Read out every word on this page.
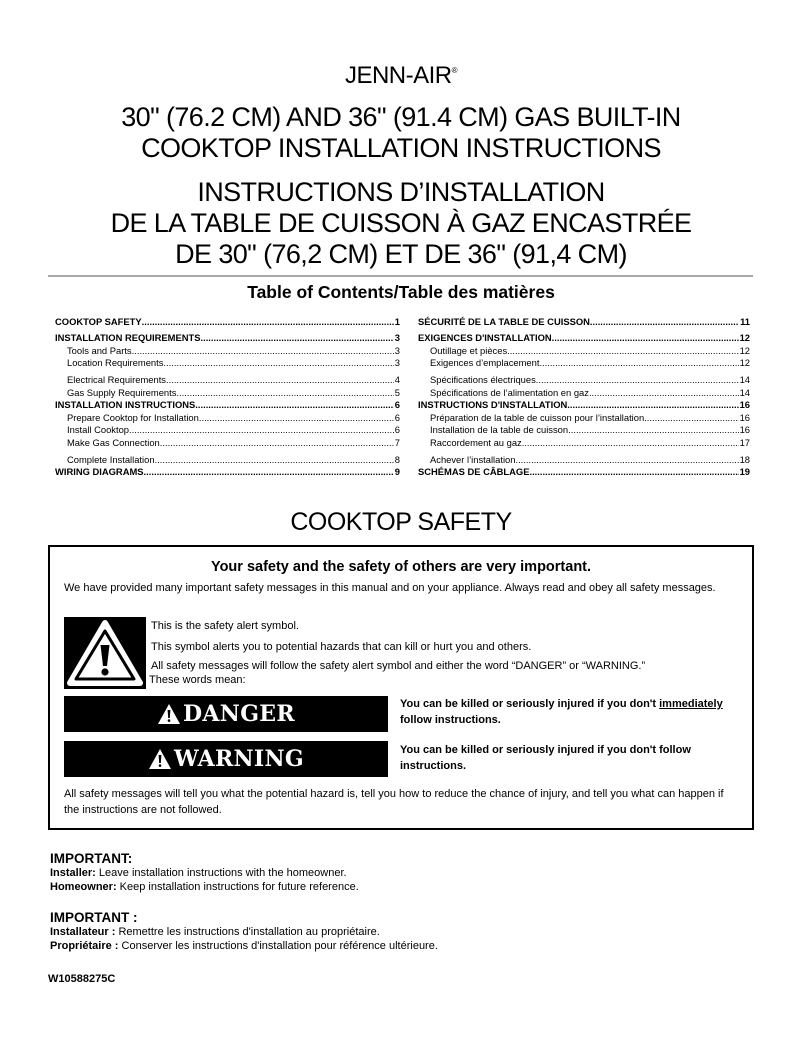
JENN-AIR®
30" (76.2 CM) AND 36" (91.4 CM) GAS BUILT-IN
COOKTOP INSTALLATION INSTRUCTIONS
INSTRUCTIONS D’INSTALLATION
DE LA TABLE DE CUISSON À GAZ ENCASTRÉE
DE 30" (76,2 CM) ET DE 36" (91,4 CM)
Table of Contents/Table des matières
COOKTOP SAFETY .....	1
INSTALLATION REQUIREMENTS .....	3
Tools and Parts .....	3
Location Requirements .....	3
Electrical Requirements .....	4
Gas Supply Requirements .....	5
INSTALLATION INSTRUCTIONS .....	6
Prepare Cooktop for Installation .....	6
Install Cooktop .....	6
Make Gas Connection .....	7
Complete Installation .....	8
WIRING DIAGRAMS .....	9
SÉCURITÉ DE LA TABLE DE CUISSON .....	11
EXIGENCES D'INSTALLATION .....	12
Outillage et pièces .....	12
Exigences d’emplacement .....	12
Spécifications électriques .....	14
Spécifications de l’alimentation en gaz .....	14
INSTRUCTIONS D'INSTALLATION .....	16
Préparation de la table de cuisson pour l’installation .....	16
Installation de la table de cuisson .....	16
Raccordement au gaz .....	17
Achever l’installation .....	18
SCHÉMAS DE CÂBLAGE .....	19
COOKTOP SAFETY
Your safety and the safety of others are very important.
We have provided many important safety messages in this manual and on your appliance. Always read and obey all safety messages.
This is the safety alert symbol.
This symbol alerts you to potential hazards that can kill or hurt you and others.
All safety messages will follow the safety alert symbol and either the word “DANGER” or “WARNING.”
These words mean:
DANGER	You can be killed or seriously injured if you don't immediately follow instructions.
WARNING	You can be killed or seriously injured if you don't follow instructions.
All safety messages will tell you what the potential hazard is, tell you how to reduce the chance of injury, and tell you what can happen if the instructions are not followed.
IMPORTANT:
Installer: Leave installation instructions with the homeowner.
Homeowner: Keep installation instructions for future reference.
IMPORTANT :
Installateur : Remettre les instructions d'installation au propriétaire.
Propriétaire : Conserver les instructions d'installation pour référence ultérieure.
W10588275C
